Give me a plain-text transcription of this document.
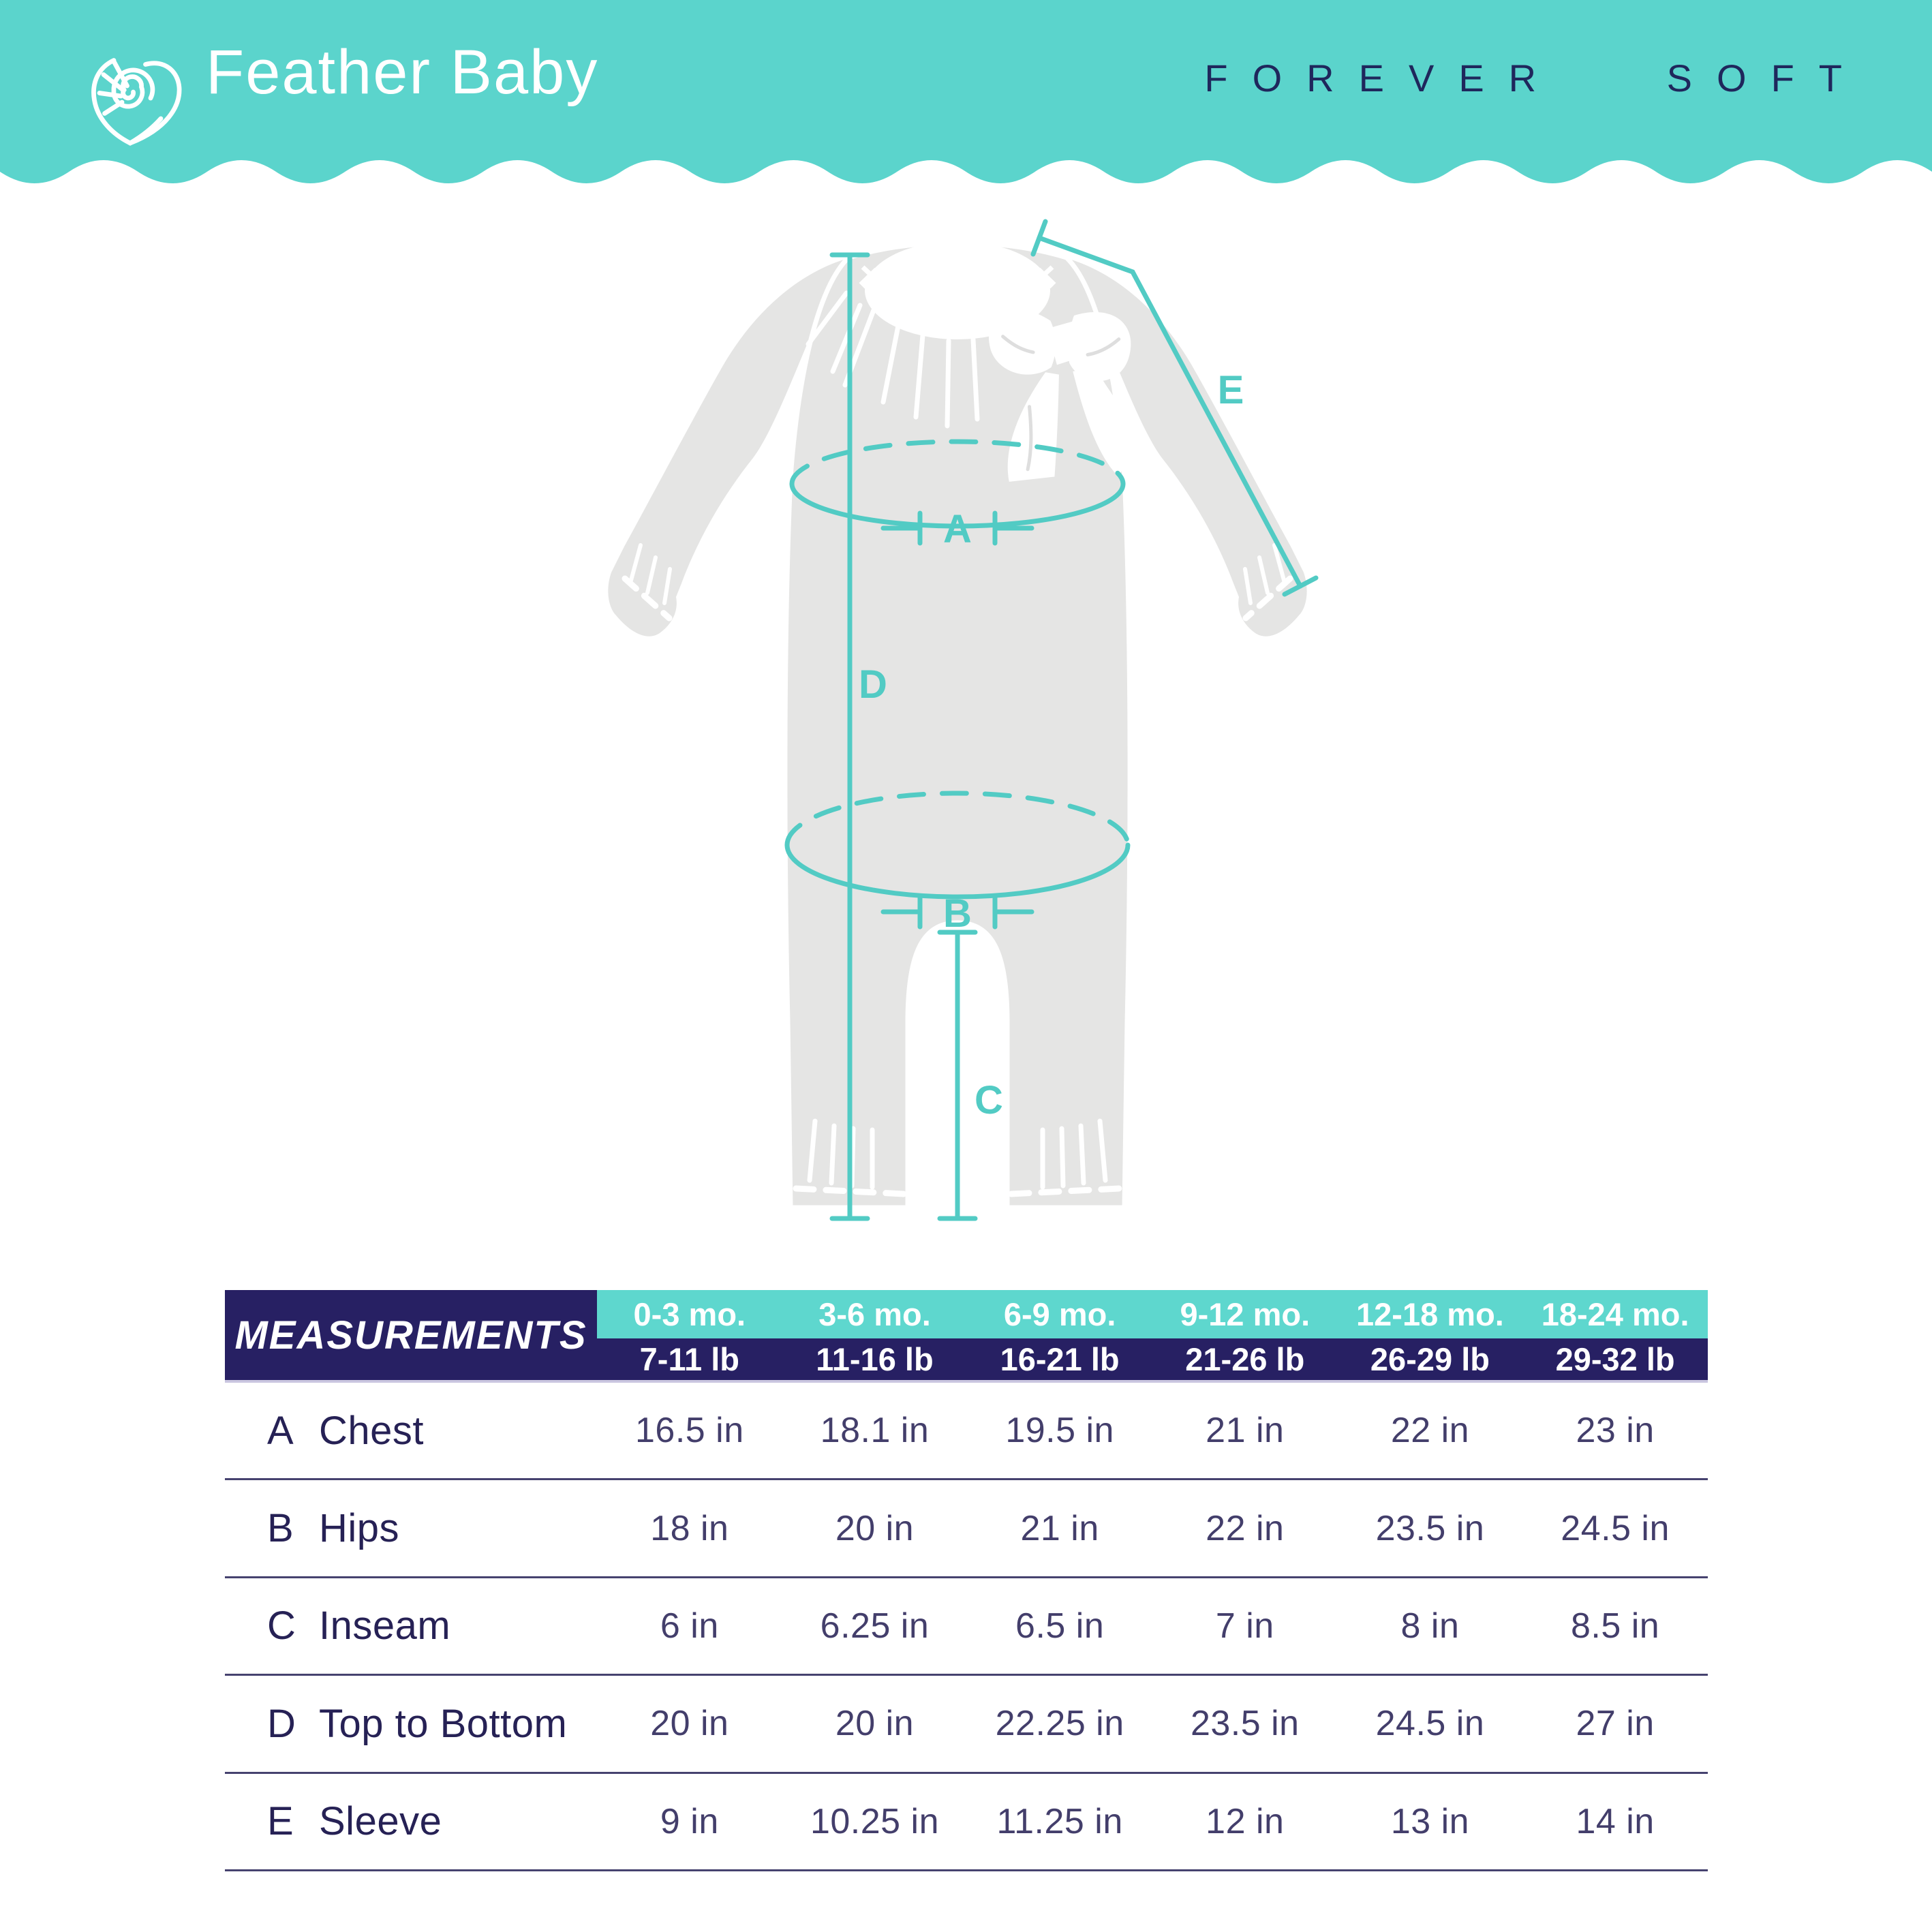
Feather Baby	FOREVER SOFT
A
B
C
D
E
MEASUREMENTS	0-3 mo.	3-6 mo.	6-9 mo.	9-12 mo.	12-18 mo.	18-24 mo.
7-11 lb	11-16 lb	16-21 lb	21-26 lb	26-29 lb	29-32 lb
A Chest	16.5 in	18.1 in	19.5 in	21 in	22 in	23 in
B Hips	18 in	20 in	21 in	22 in	23.5 in	24.5 in
C Inseam	6 in	6.25 in	6.5 in	7 in	8 in	8.5 in
D Top to Bottom	20 in	20 in	22.25 in	23.5 in	24.5 in	27 in
E Sleeve	9 in	10.25 in	11.25 in	12 in	13 in	14 in
